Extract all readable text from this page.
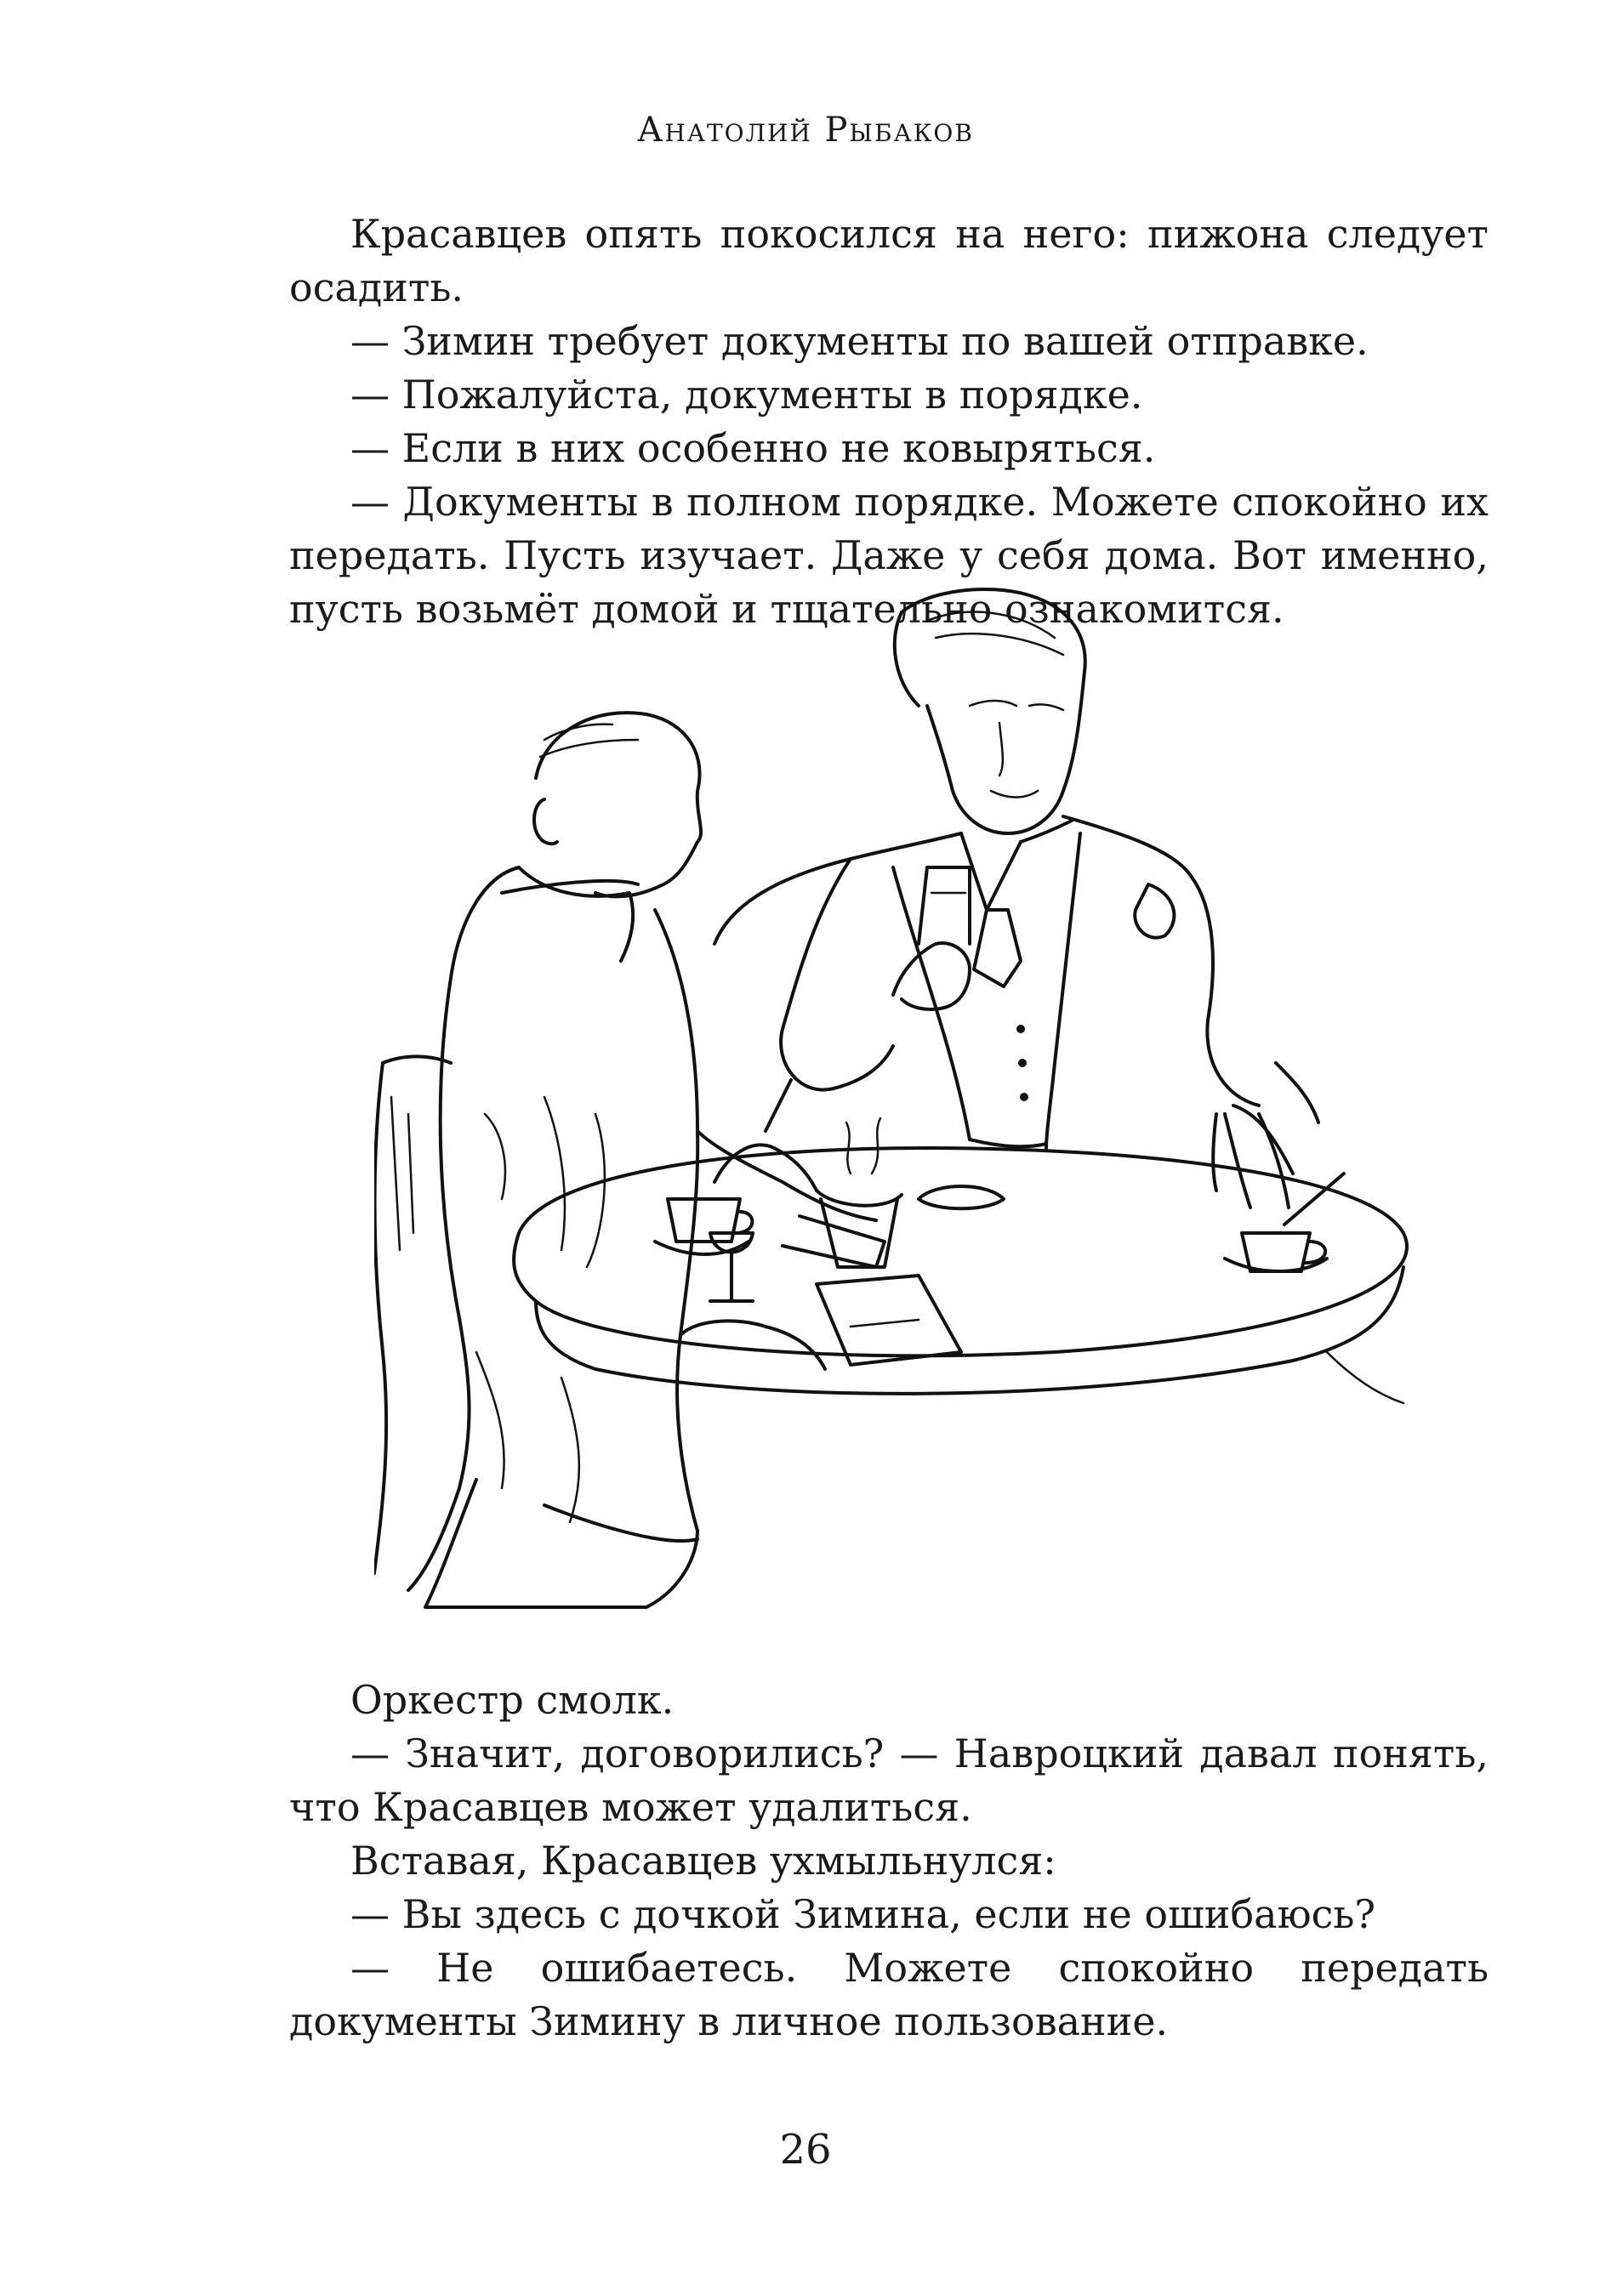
Анатолий Рыбаков

Красавцев опять покосился на него: пижона следует осадить.

— Зимин требует документы по вашей отправке.

— Пожалуйста, документы в порядке.

— Если в них особенно не ковыряться.

— Документы в полном порядке. Можете спокойно их передать. Пусть изучает. Даже у себя дома. Вот именно, пусть возьмёт домой и тщательно ознакомится.

Оркестр смолк.

— Значит, договорились? — Навроцкий давал понять, что Красавцев может удалиться.

Вставая, Красавцев ухмыльнулся:

— Вы здесь с дочкой Зимина, если не ошибаюсь?

— Не ошибаетесь. Можете спокойно передать документы Зимину в личное пользование.

26
